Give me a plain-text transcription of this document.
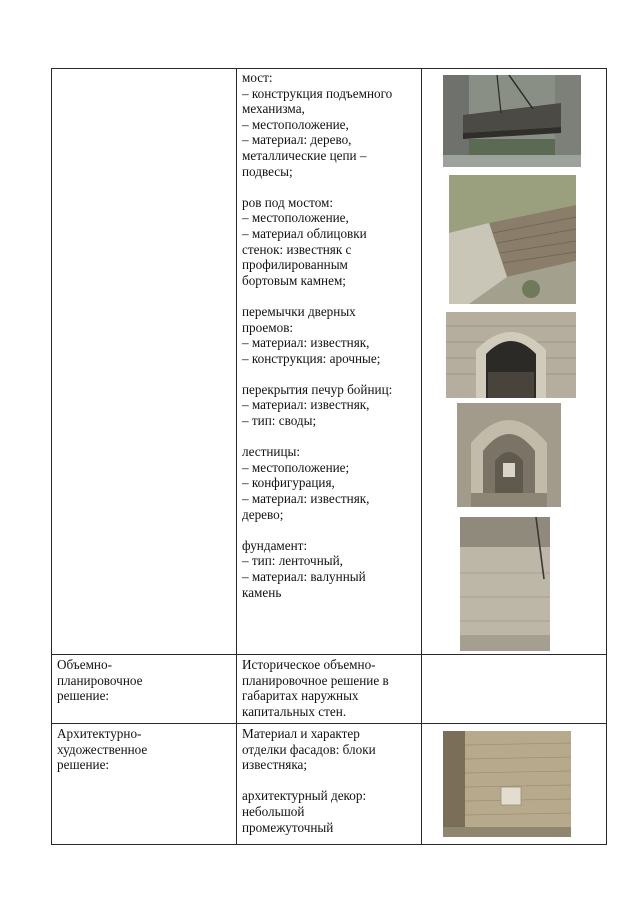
мост:
– конструкция подъемного
механизма,
– местоположение,
– материал: дерево,
металлические цепи –
подвесы;

ров под мостом:
– местоположение,
– материал облицовки
стенок: известняк с
профилированным
бортовым камнем;

перемычки дверных
проемов:
– материал: известняк,
– конструкция: арочные;

перекрытия печур бойниц:
– материал: известняк,
– тип: своды;

лестницы:
– местоположение;
– конфигурация,
– материал: известняк,
дерево;

фундамент:
– тип: ленточный,
– материал: валунный
камень
Объемно-
планировочное
решение:
Историческое объемно-
планировочное решение в
габаритах наружных
капитальных стен.
Архитектурно-
художественное
решение:
Материал и характер
отделки фасадов: блоки
известняка;

архитектурный декор:
небольшой
промежуточный
